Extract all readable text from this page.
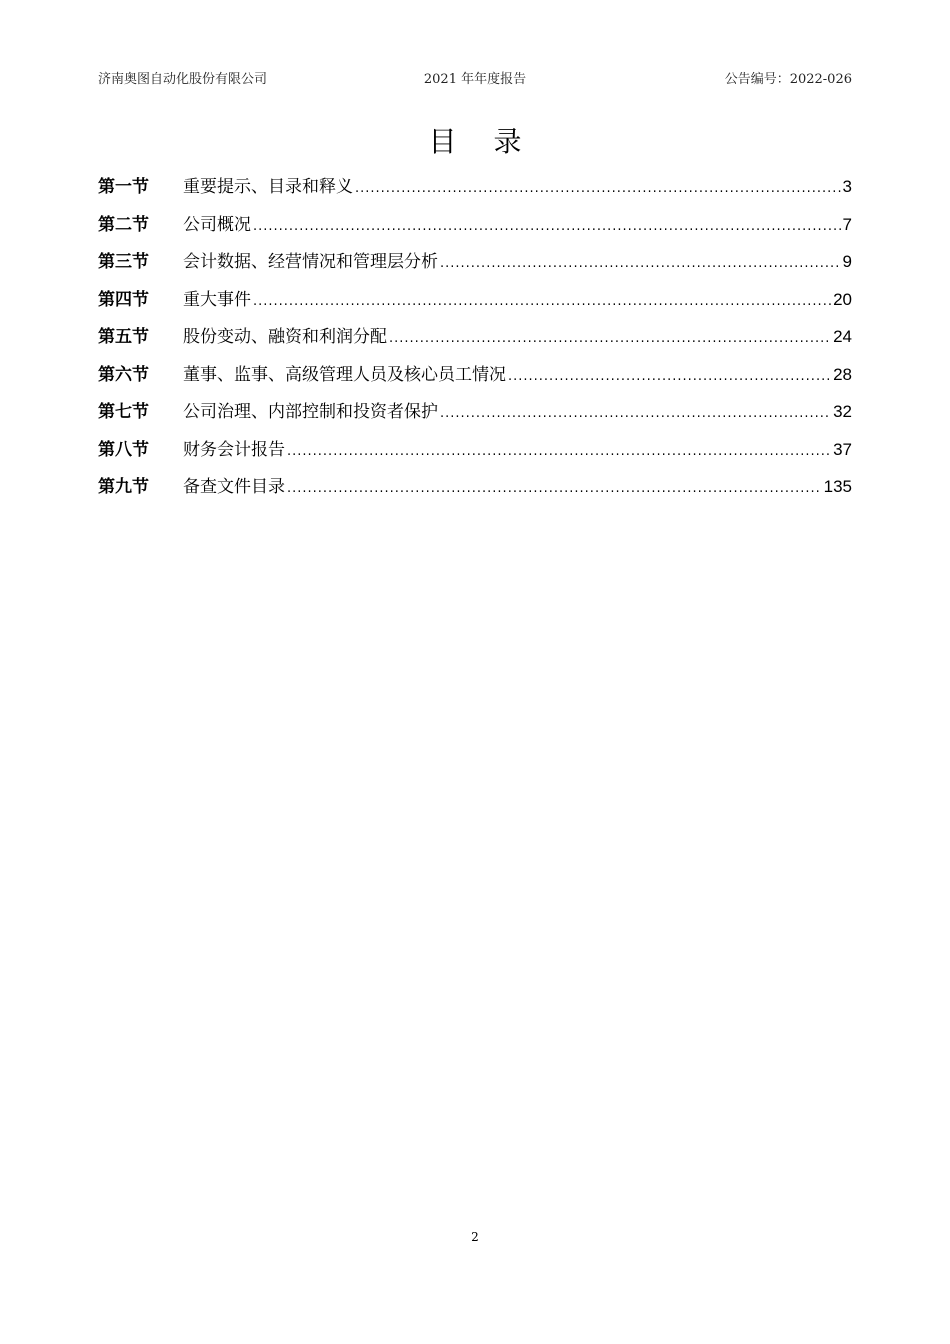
济南奥图自动化股份有限公司	2021 年年度报告	公告编号：2022-026
目 录
第一节	重要提示、目录和释义 .....	3
第二节	公司概况 .....	7
第三节	会计数据、经营情况和管理层分析 .....	9
第四节	重大事件 .....	20
第五节	股份变动、融资和利润分配 .....	24
第六节	董事、监事、高级管理人员及核心员工情况 .....	28
第七节	公司治理、内部控制和投资者保护 .....	32
第八节	财务会计报告 .....	37
第九节	备查文件目录 .....	135
2
